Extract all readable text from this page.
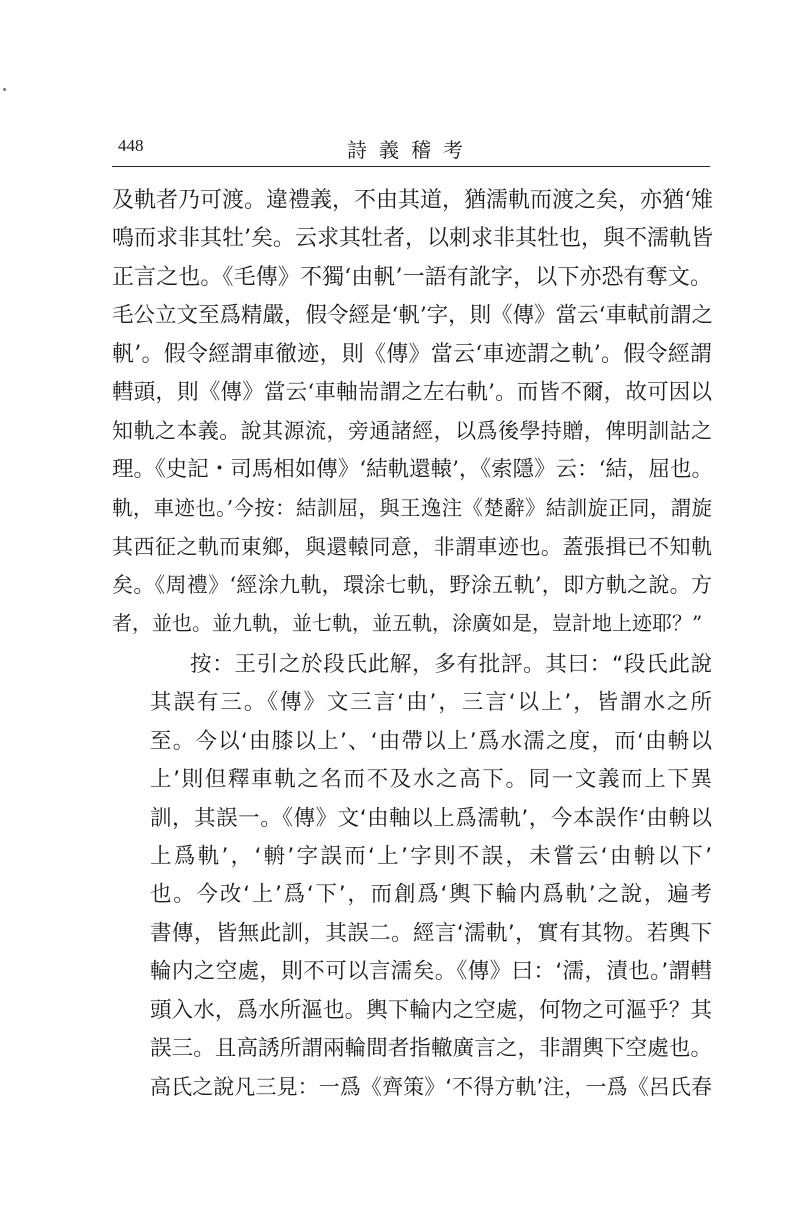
448	詩義稽考
及軌者乃可渡。違禮義，不由其道，猶濡軌而渡之矣，亦猶‘雉
鳴而求非其牡’矣。云求其牡者，以刺求非其牡也，與不濡軌皆
正言之也。《毛傳》不獨‘由軓’一語有訛字，以下亦恐有奪文。
毛公立文至爲精嚴，假令經是‘軓’字，則《傳》當云‘車軾前謂之
軓’。假令經謂車徹迹，則《傳》當云‘車迹謂之軌’。假令經謂
轊頭，則《傳》當云‘車軸耑謂之左右軌’。而皆不爾，故可因以
知軌之本義。說其源流，旁通諸經，以爲後學持贈，俾明訓詁之
理。《史記・司馬相如傳》‘結軌還轅’，《索隱》云：‘結，屈也。
軌，車迹也。’今按：結訓屈，與王逸注《楚辭》結訓旋正同，謂旋
其西征之軌而東鄉，與還轅同意，非謂車迹也。蓋張揖已不知軌
矣。《周禮》‘經涂九軌，環涂七軌，野涂五軌’，即方軌之說。方
者，並也。並九軌，並七軌，並五軌，涂廣如是，豈計地上迹耶？”
按：王引之於段氏此解，多有批評。其曰：“段氏此說
其誤有三。《傳》文三言‘由’，三言‘以上’，皆謂水之所
至。今以‘由膝以上’、‘由帶以上’爲水濡之度，而‘由輈以
上’則但釋車軌之名而不及水之高下。同一文義而上下異
訓，其誤一。《傳》文‘由軸以上爲濡軌’，今本誤作‘由輈以
上爲軌’，‘輈’字誤而‘上’字則不誤，未嘗云‘由輈以下’
也。今改‘上’爲‘下’，而創爲‘輿下輪内爲軌’之說，遍考
書傳，皆無此訓，其誤二。經言‘濡軌’，實有其物。若輿下
輪内之空處，則不可以言濡矣。《傳》曰：‘濡，漬也。’謂轊
頭入水，爲水所漚也。輿下輪内之空處，何物之可漚乎？其
誤三。且高誘所謂兩輪間者指轍廣言之，非謂輿下空處也。
高氏之說凡三見：一爲《齊策》‘不得方軌’注，一爲《呂氏春
